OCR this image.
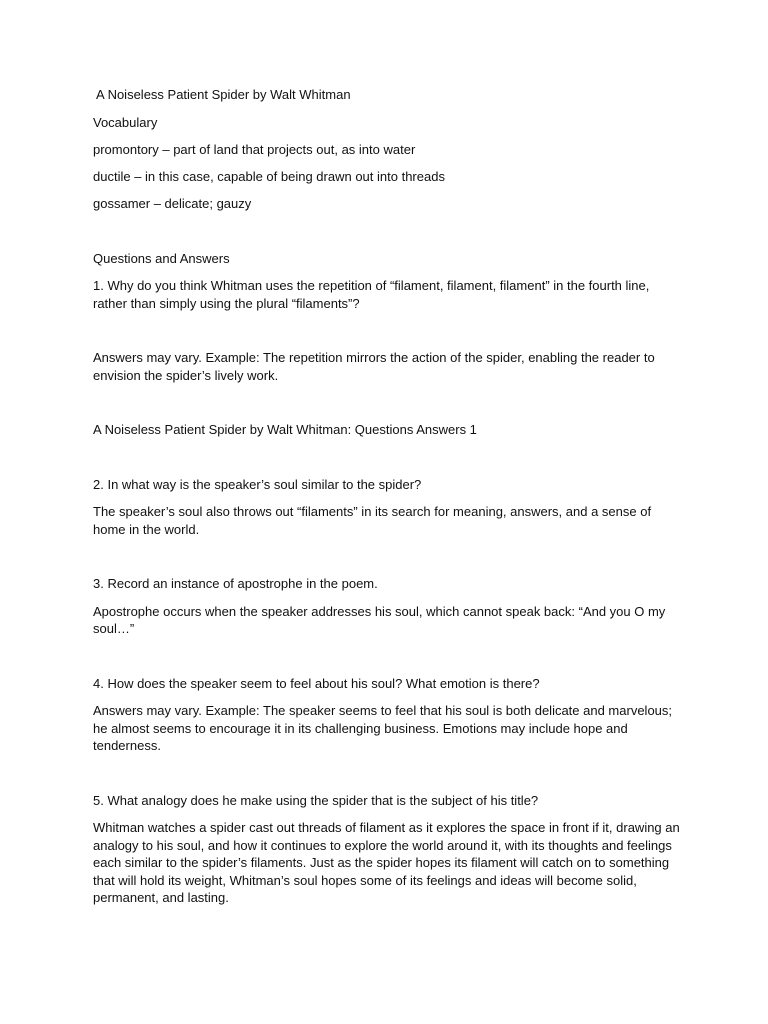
A Noiseless Patient Spider by Walt Whitman

Vocabulary

promontory – part of land that projects out, as into water

ductile – in this case, capable of being drawn out into threads

gossamer – delicate; gauzy

Questions and Answers

1. Why do you think Whitman uses the repetition of “filament, filament, filament” in the fourth line, rather than simply using the plural “filaments”?

Answers may vary. Example: The repetition mirrors the action of the spider, enabling the reader to envision the spider’s lively work.

A Noiseless Patient Spider by Walt Whitman: Questions Answers 1

2. In what way is the speaker’s soul similar to the spider?

The speaker’s soul also throws out “filaments” in its search for meaning, answers, and a sense of home in the world.

3. Record an instance of apostrophe in the poem.

Apostrophe occurs when the speaker addresses his soul, which cannot speak back: “And you O my soul…”

4. How does the speaker seem to feel about his soul? What emotion is there?

Answers may vary. Example: The speaker seems to feel that his soul is both delicate and marvelous; he almost seems to encourage it in its challenging business. Emotions may include hope and tenderness.

5. What analogy does he make using the spider that is the subject of his title?

Whitman watches a spider cast out threads of filament as it explores the space in front if it, drawing an analogy to his soul, and how it continues to explore the world around it, with its thoughts and feelings each similar to the spider’s filaments. Just as the spider hopes its filament will catch on to something that will hold its weight, Whitman’s soul hopes some of its feelings and ideas will become solid, permanent, and lasting.
